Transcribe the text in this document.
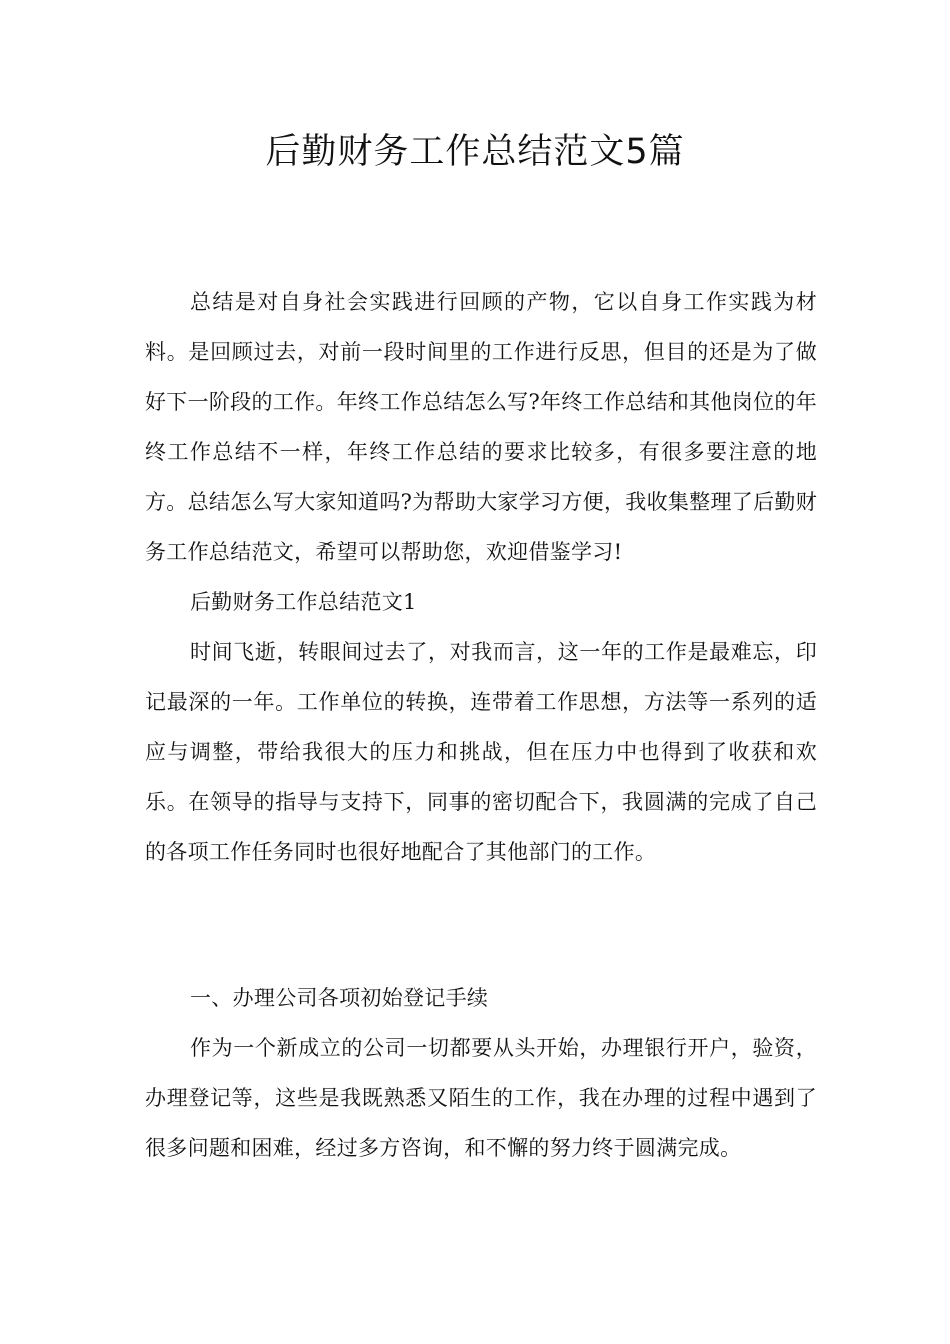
后勤财务工作总结范文5篇

总结是对自身社会实践进行回顾的产物，它以自身工作实践为材料。是回顾过去，对前一段时间里的工作进行反思，但目的还是为了做好下一阶段的工作。年终工作总结怎么写?年终工作总结和其他岗位的年终工作总结不一样，年终工作总结的要求比较多，有很多要注意的地方。总结怎么写大家知道吗?为帮助大家学习方便，我收集整理了后勤财务工作总结范文，希望可以帮助您，欢迎借鉴学习!

后勤财务工作总结范文1

时间飞逝，转眼间过去了，对我而言，这一年的工作是最难忘，印记最深的一年。工作单位的转换，连带着工作思想，方法等一系列的适应与调整，带给我很大的压力和挑战，但在压力中也得到了收获和欢乐。在领导的指导与支持下，同事的密切配合下，我圆满的完成了自己的各项工作任务同时也很好地配合了其他部门的工作。

一、办理公司各项初始登记手续

作为一个新成立的公司一切都要从头开始，办理银行开户，验资，办理登记等，这些是我既熟悉又陌生的工作，我在办理的过程中遇到了很多问题和困难，经过多方咨询，和不懈的努力终于圆满完成。
